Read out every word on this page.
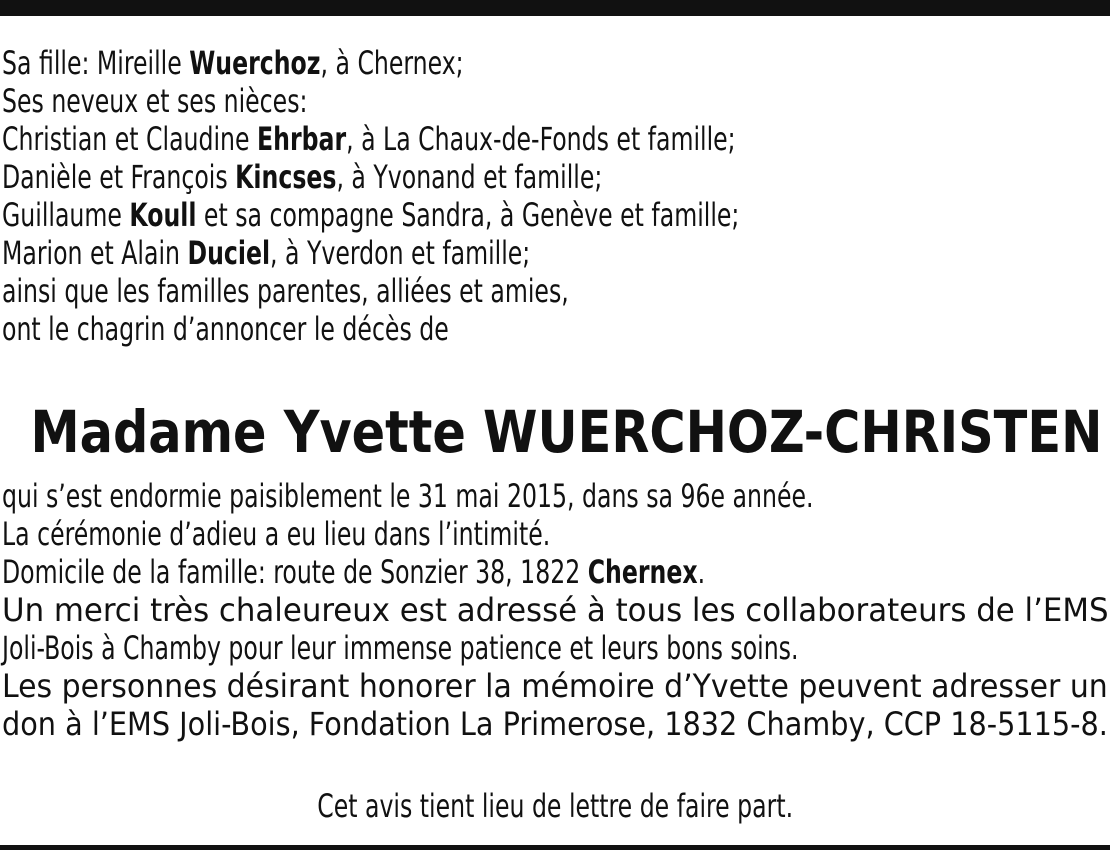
Sa fille: Mireille Wuerchoz, à Chernex;
Ses neveux et ses nièces:
Christian et Claudine Ehrbar, à La Chaux-de-Fonds et famille;
Danièle et François Kincses, à Yvonand et famille;
Guillaume Koull et sa compagne Sandra, à Genève et famille;
Marion et Alain Duciel, à Yverdon et famille;
ainsi que les familles parentes, alliées et amies,
ont le chagrin d’annoncer le décès de
Madame Yvette WUERCHOZ-CHRISTEN
qui s’est endormie paisiblement le 31 mai 2015, dans sa 96e année.
La cérémonie d’adieu a eu lieu dans l’intimité.
Domicile de la famille: route de Sonzier 38, 1822 Chernex.
Un merci très chaleureux est adressé à tous les collaborateurs de l’EMS
Joli-Bois à Chamby pour leur immense patience et leurs bons soins.
Les personnes désirant honorer la mémoire d’Yvette peuvent adresser un
don à l’EMS Joli-Bois, Fondation La Primerose, 1832 Chamby, CCP 18-5115-8.
Cet avis tient lieu de lettre de faire part.
